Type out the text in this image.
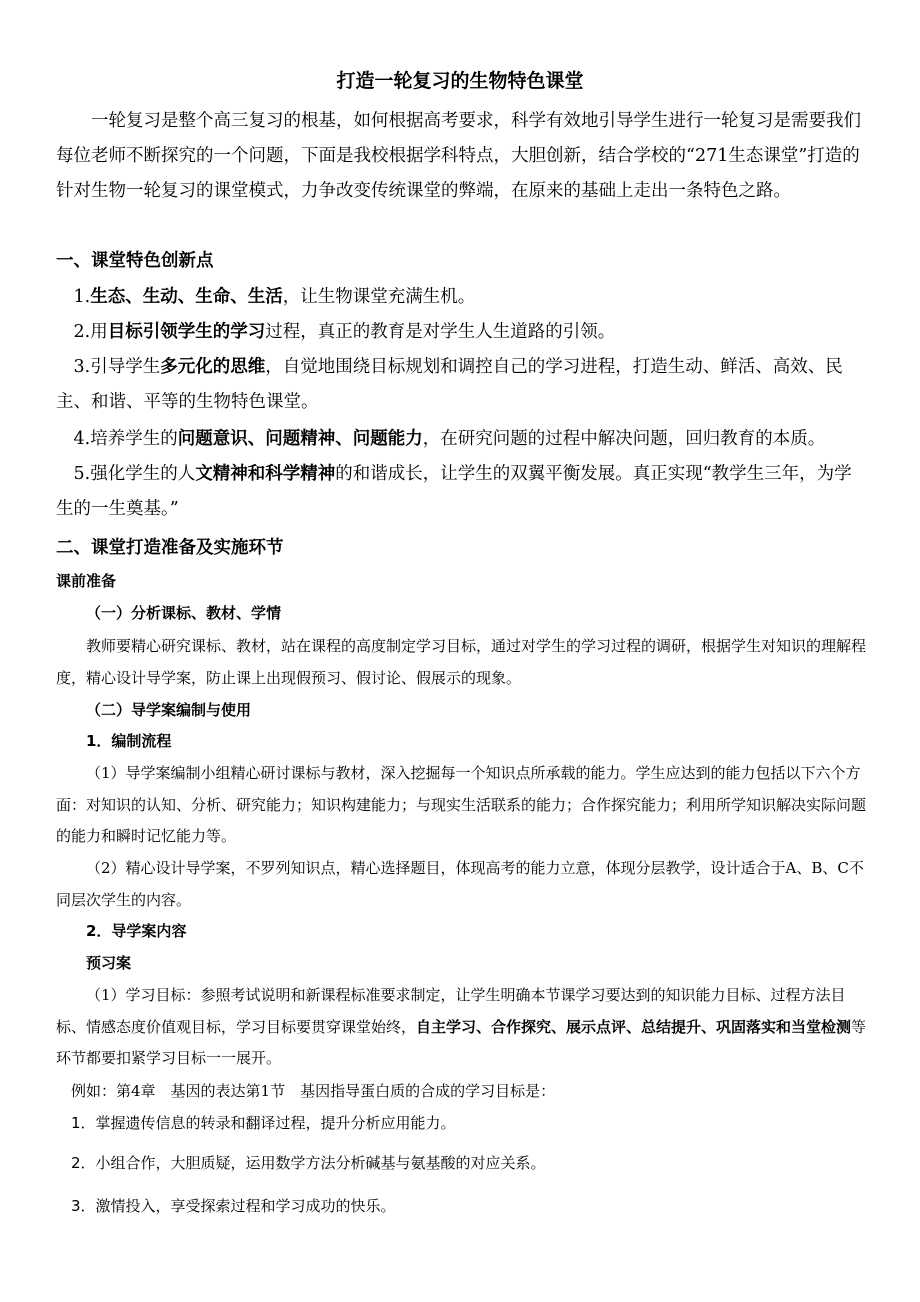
打造一轮复习的生物特色课堂

一轮复习是整个高三复习的根基，如何根据高考要求，科学有效地引导学生进行一轮复习是需要我们每位老师不断探究的一个问题，下面是我校根据学科特点，大胆创新，结合学校的“271生态课堂”打造的针对生物一轮复习的课堂模式，力争改变传统课堂的弊端，在原来的基础上走出一条特色之路。

一、课堂特色创新点

1.生态、生动、生命、生活，让生物课堂充满生机。

2.用目标引领学生的学习过程，真正的教育是对学生人生道路的引领。

3.引导学生多元化的思维，自觉地围绕目标规划和调控自己的学习进程，打造生动、鲜活、高效、民主、和谐、平等的生物特色课堂。

4.培养学生的问题意识、问题精神、问题能力，在研究问题的过程中解决问题，回归教育的本质。

5.强化学生的人文精神和科学精神的和谐成长，让学生的双翼平衡发展。真正实现“教学生三年，为学生的一生奠基。”

二、课堂打造准备及实施环节

课前准备

（一）分析课标、教材、学情

教师要精心研究课标、教材，站在课程的高度制定学习目标，通过对学生的学习过程的调研，根据学生对知识的理解程度，精心设计导学案，防止课上出现假预习、假讨论、假展示的现象。

（二）导学案编制与使用

1．编制流程

（1）导学案编制小组精心研讨课标与教材，深入挖掘每一个知识点所承载的能力。学生应达到的能力包括以下六个方面：对知识的认知、分析、研究能力；知识构建能力；与现实生活联系的能力；合作探究能力；利用所学知识解决实际问题的能力和瞬时记忆能力等。

（2）精心设计导学案，不罗列知识点，精心选择题目，体现高考的能力立意，体现分层教学，设计适合于A、B、C不同层次学生的内容。

2．导学案内容

预习案

（1）学习目标：参照考试说明和新课程标准要求制定，让学生明确本节课学习要达到的知识能力目标、过程方法目标、情感态度价值观目标，学习目标要贯穿课堂始终，自主学习、合作探究、展示点评、总结提升、巩固落实和当堂检测等环节都要扣紧学习目标一一展开。

例如：第4章　基因的表达第1节　基因指导蛋白质的合成的学习目标是：

1．掌握遗传信息的转录和翻译过程，提升分析应用能力。

2．小组合作，大胆质疑，运用数学方法分析碱基与氨基酸的对应关系。

3．激情投入，享受探索过程和学习成功的快乐。
